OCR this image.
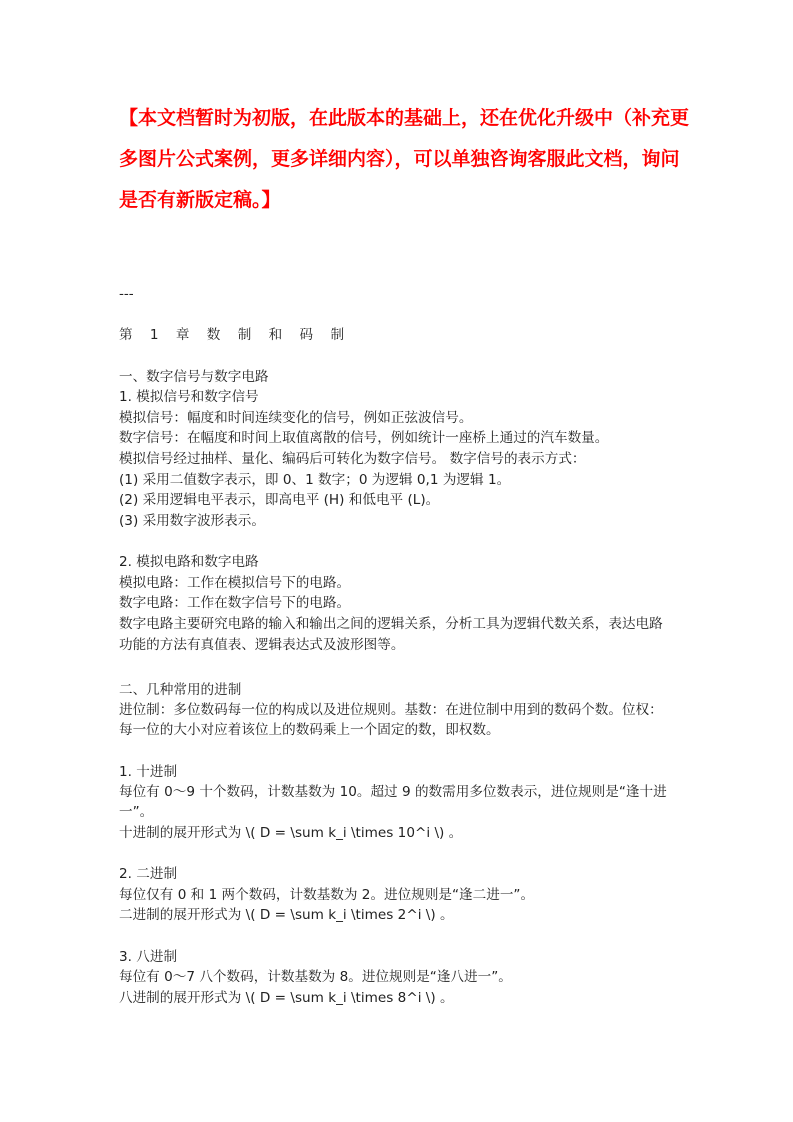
【本文档暂时为初版，在此版本的基础上，还在优化升级中（补充更
多图片公式案例，更多详细内容），可以单独咨询客服此文档，询问
是否有新版定稿。】
---
第 1 章 数 制 和 码 制
一、数字信号与数字电路
1. 模拟信号和数字信号
模拟信号：幅度和时间连续变化的信号，例如正弦波信号。
数字信号：在幅度和时间上取值离散的信号，例如统计一座桥上通过的汽车数量。
模拟信号经过抽样、量化、编码后可转化为数字信号。 数字信号的表示方式：
(1) 采用二值数字表示，即 0、1 数字；0 为逻辑 0,1 为逻辑 1。
(2) 采用逻辑电平表示，即高电平 (H) 和低电平 (L)。
(3) 采用数字波形表示。
2. 模拟电路和数字电路
模拟电路：工作在模拟信号下的电路。
数字电路：工作在数字信号下的电路。
数字电路主要研究电路的输入和输出之间的逻辑关系，分析工具为逻辑代数关系，表达电路
功能的方法有真值表、逻辑表达式及波形图等。
二、几种常用的进制
进位制：多位数码每一位的构成以及进位规则。基数：在进位制中用到的数码个数。位权：
每一位的大小对应着该位上的数码乘上一个固定的数，即权数。
1. 十进制
每位有 0～9 十个数码，计数基数为 10。超过 9 的数需用多位数表示，进位规则是“逢十进
一”。
十进制的展开形式为 \( D = \sum k_i \times 10^i \) 。
2. 二进制
每位仅有 0 和 1 两个数码，计数基数为 2。进位规则是“逢二进一”。
二进制的展开形式为 \( D = \sum k_i \times 2^i \) 。
3. 八进制
每位有 0～7 八个数码，计数基数为 8。进位规则是“逢八进一”。
八进制的展开形式为 \( D = \sum k_i \times 8^i \) 。
